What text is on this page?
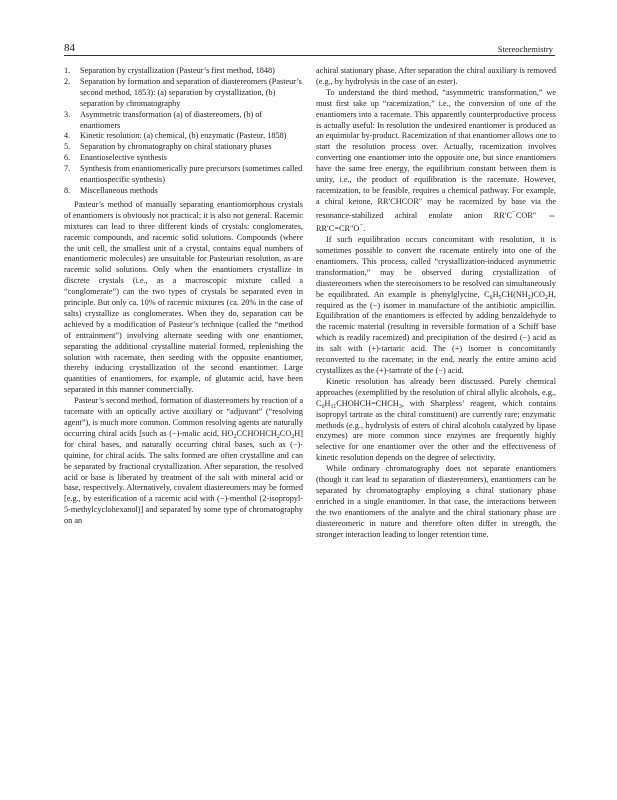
84	Stereochemistry
1. Separation by crystallization (Pasteur’s first method, 1848)
2. Separation by formation and separation of diastereomers (Pasteur’s second method, 1853): (a) separation by crystallization, (b) separation by chromatography
3. Asymmetric transformation (a) of diastereomers, (b) of enantiomers
4. Kinetic resolution: (a) chemical, (b) enzymatic (Pasteur, 1858)
5. Separation by chromatography on chiral stationary phases
6. Enantioselective synthesis
7. Synthesis from enantiomerically pure precursors (sometimes called enantiospecific synthesis)
8. Miscellaneous methods

Pasteur’s method of manually separating enantiomorphous crystals of enantiomers is obviously not practical; it is also not general. Racemic mixtures can lead to three different kinds of crystals: conglomerates, racemic compounds, and racemic solid solutions. Compounds (where the unit cell, the smallest unit of a crystal, contains equal numbers of enantiomeric molecules) are unsuitable for Pasteurian resolution, as are racemic solid solutions. Only when the enantiomers crystallize in discrete crystals (i.e., as a macroscopic mixture called a “conglomerate”) can the two types of crystals be separated even in principle. But only ca. 10% of racemic mixtures (ca. 20% in the case of salts) crystallize as conglomerates. When they do, separation can be achieved by a modification of Pasteur’s technique (called the “method of entrainment”) involving alternate seeding with one enantiomer, separating the additional crystalline material formed, replenishing the solution with racemate, then seeding with the opposite enantiomer, thereby inducing crystallization of the second enantiomer. Large quantities of enantiomers, for example, of glutamic acid, have been separated in this manner commercially.

Pasteur’s second method, formation of diastereomers by reaction of a racemate with an optically active auxiliary or “adjuvant” (“resolving agent”), is much more common. Common resolving agents are naturally occurring chiral acids [such as (−)-malic acid, $HO_2CCHOHCH_2CO_2H$] for chiral bases, and naturally occurring chiral bases, such as (−)-quinine, for chiral acids. The salts formed are often crystalline and can be separated by fractional crystallization. After separation, the resolved acid or base is liberated by treatment of the salt with mineral acid or base, respectively. Alternatively, covalent diastereomers may be formed [e.g., by esterification of a racemic acid with (−)-menthol (2-isopropyl-5-methylcyclohexanol)] and separated by some type of chromatography on an

achiral stationary phase. After separation the chiral auxiliary is removed (e.g., by hydrolysis in the case of an ester).

To understand the third method, “asymmetric transformation,” we must first take up “racemization,” i.e., the conversion of one of the enantiomers into a racemate. This apparently counterproductive process is actually useful: In resolution the undesired enantiomer is produced as an equimolar by-product. Racemization of that enantiomer allows one to start the resolution process over. Actually, racemization involves converting one enantiomer into the opposite one, but since enantiomers have the same free energy, the equilibrium constant between them is unity, i.e., the product of equilibration is the racemate. However, racemization, to be feasible, requires a chemical pathway. For example, a chiral ketone, RR′CHCOR″ may be racemized by base via the resonance-stabilized achiral enolate anion RR′C−COR″ ⇔ RR′C=CR″O−.

If such equilibration occurs concomitant with resolution, it is sometimes possible to convert the racemate entirely into one of the enantiomers. This process, called “crystallization-induced asymmetric transformation,” may be observed during crystallization of diastereomers when the stereoisomers to be resolved can simultaneously be equilibrated. An example is phenylglycine, $C_6H_5CH(NH_2)CO_2H$, required as the (−) isomer in manufacture of the antibiotic ampicillin. Equilibration of the enantiomers is effected by adding benzaldehyde to the racemic material (resulting in reversible formation of a Schiff base which is readily racemized) and precipitation of the desired (−) acid as its salt with (+)-tartaric acid. The (+) isomer is concomitantly reconverted to the racemate; in the end, nearly the entire amino acid crystallizes as the (+)-tartrate of the (−) acid.

Kinetic resolution has already been discussed. Purely chemical approaches (exemplified by the resolution of chiral allylic alcohols, e.g., $C_6H_{11}CHOHCH=CHCH_3$, with Sharpless’ reagent, which contains isopropyl tartrate as the chiral constituent) are currently rare; enzymatic methods (e.g., hydrolysis of esters of chiral alcohols catalyzed by lipase enzymes) are more common since enzymes are frequently highly selective for one enantiomer over the other and the effectiveness of kinetic resolution depends on the degree of selectivity.

While ordinary chromatography does not separate enantiomers (though it can lead to separation of diastereomers), enantiomers can be separated by chromatography employing a chiral stationary phase enriched in a single enantiomer. In that case, the interactions between the two enantiomers of the analyte and the chiral stationary phase are diastereomeric in nature and therefore often differ in strength, the stronger interaction leading to longer retention time.
